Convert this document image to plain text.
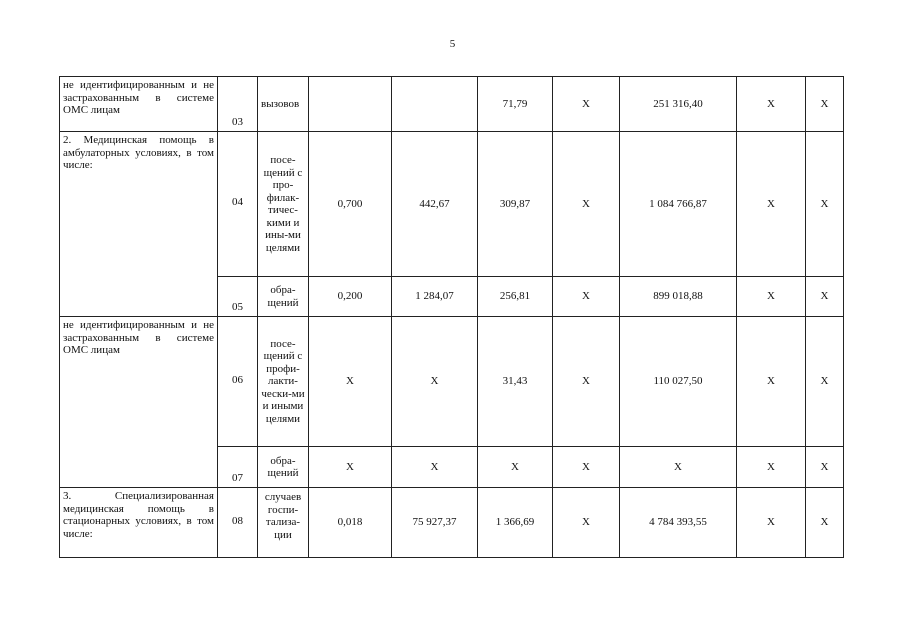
5
не идентифицированным и не застрахованным в системе ОМС лицам	03	вызовов			71,79	Х	251 316,40	Х	Х
2. Медицинская помощь в амбулаторных условиях, в том числе:	04	посе-щений с про-филак-тичес-кими и ины-ми целями	0,700	442,67	309,87	Х	1 084 766,87	Х	Х
	05	обра-щений	0,200	1 284,07	256,81	Х	899 018,88	Х	Х
не идентифицированным и не застрахованным в системе ОМС лицам	06	посе-щений с профи-лакти-чески-ми и иными целями	Х	Х	31,43	Х	110 027,50	Х	Х
	07	обра-щений	Х	Х	Х	Х	Х	Х	Х
3. Специализированная медицинская помощь в стационарных условиях, в том числе:	08	случаев госпи-тализа-ции	0,018	75 927,37	1 366,69	Х	4 784 393,55	Х	Х
